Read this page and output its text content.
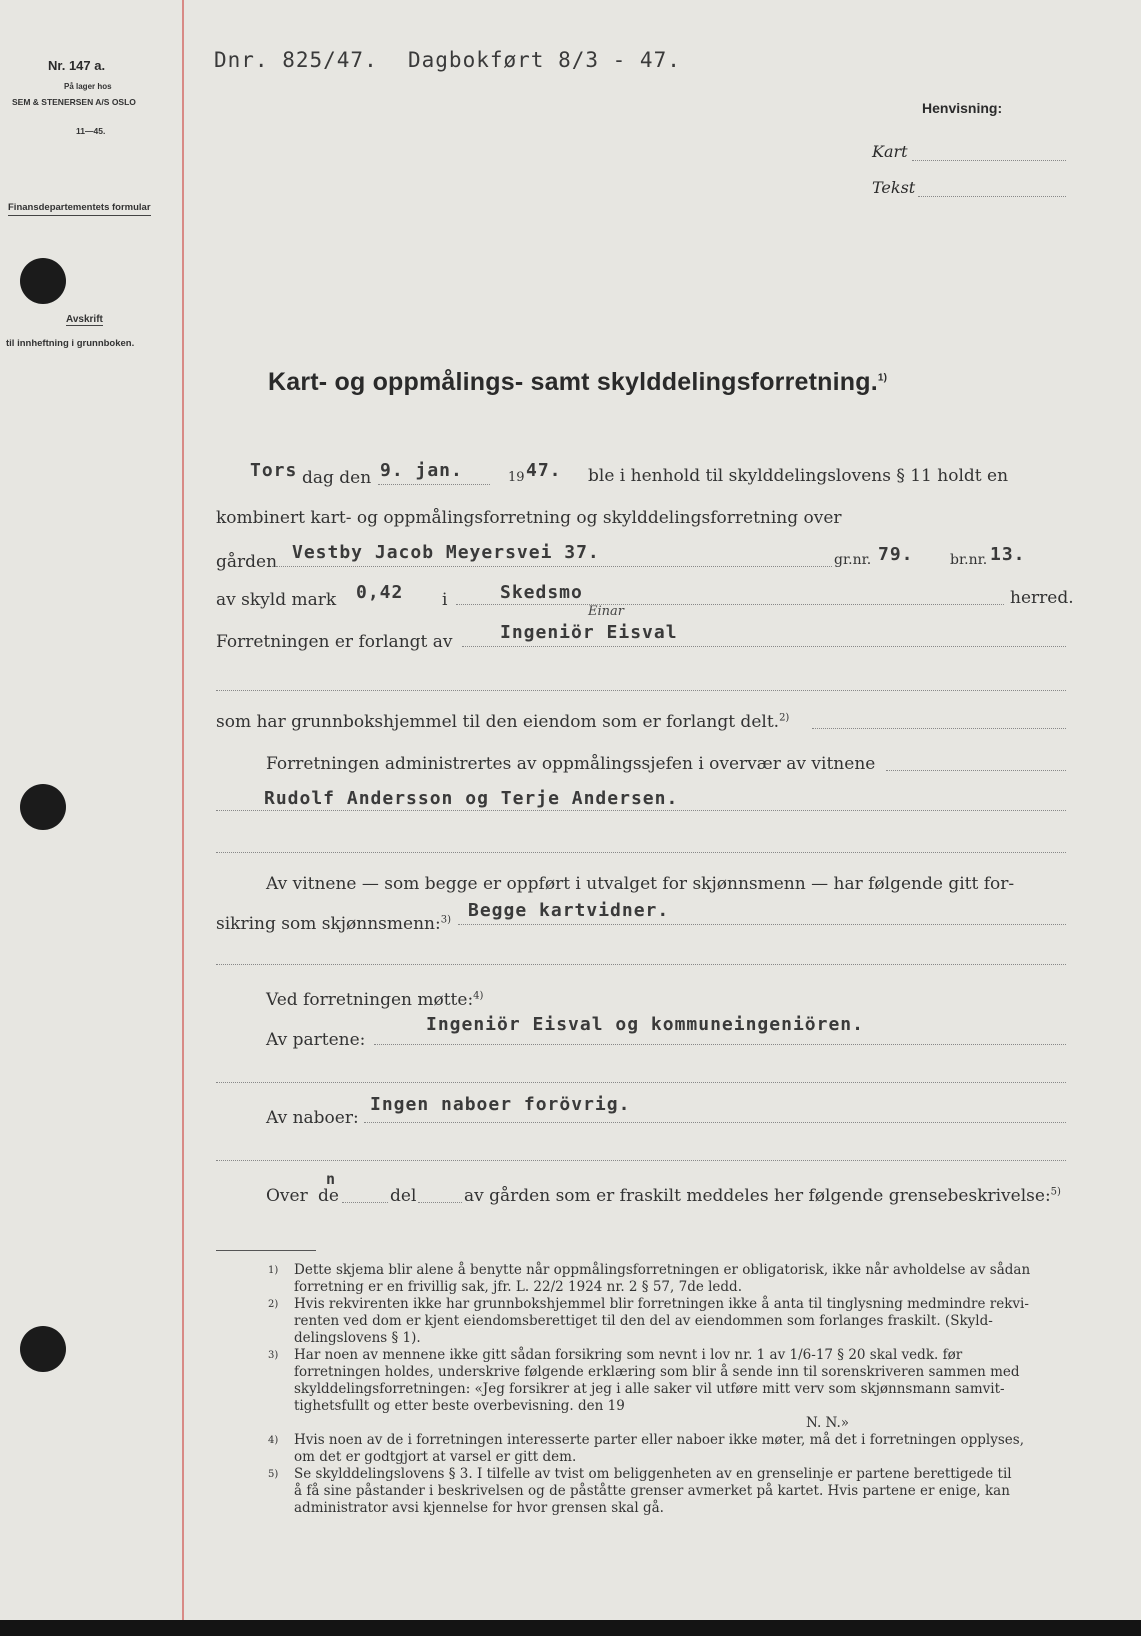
Nr. 147 a.
På lager hos
SEM & STENERSEN A/S OSLO
11—45.
Finansdepartementets formular
Avskrift
til innheftning i grunnboken.
Dnr. 825/47. Dagbokført 8/3 - 47.
Henvisning:
Kart
Tekst
Kart- og oppmålings- samt skylddelingsforretning.$^{1)}$
Tors dag den 9. jan.	19 47. ble i henhold til skylddelingslovens § 11 holdt en
kombinert kart- og oppmålingsforretning og skylddelingsforretning over
gården Vestby Jacob Meyersvei 37.	gr.nr. 79.	br.nr. 13.
av skyld mark 0,42 i	Skedsmo	herred.
Forretningen er forlangt av
Einar
Ingeniör Eisval
som har grunnbokshjemmel til den eiendom som er forlangt delt.$^{2)}$
Forretningen administrertes av oppmålingssjefen i overvær av vitnene
Rudolf Andersson og Terje Andersen.
Av vitnene — som begge er oppført i utvalget for skjønnsmenn — har følgende gitt for-
sikring som skjønnsmenn:$^{3)}$ Begge kartvidner.
Ved forretningen møtte:$^{4)}$
Av partene:
Ingeniör Eisval og kommuneingeniören.
Av naboer:
Ingen naboer forövrig.
Over
n
de	del	av gården som er fraskilt meddeles her følgende grensebeskrivelse:$^{5)}$
1) Dette skjema blir alene å benytte når oppmålingsforretningen er obligatorisk, ikke når avholdelse av sådan
forretning er en frivillig sak, jfr. L. 22/2 1924 nr. 2 § 57, 7de ledd.
2) Hvis rekvirenten ikke har grunnbokshjemmel blir forretningen ikke å anta til tinglysning medmindre rekvi-
renten ved dom er kjent eiendomsberettiget til den del av eiendommen som forlanges fraskilt. (Skyld-
delingslovens § 1).
3) Har noen av mennene ikke gitt sådan forsikring som nevnt i lov nr. 1 av 1/6-17 § 20 skal vedk. før
forretningen holdes, underskrive følgende erklæring som blir å sende inn til sorenskriveren sammen med
skylddelingsforretningen: «Jeg forsikrer at jeg i alle saker vil utføre mitt verv som skjønnsmann samvit-
tighetsfullt og etter beste overbevisning. den 19
N. N.»
4) Hvis noen av de i forretningen interesserte parter eller naboer ikke møter, må det i forretningen opplyses,
om det er godtgjort at varsel er gitt dem.
5) Se skylddelingslovens § 3. I tilfelle av tvist om beliggenheten av en grenselinje er partene berettigede til
å få sine påstander i beskrivelsen og de påståtte grenser avmerket på kartet. Hvis partene er enige, kan
administrator avsi kjennelse for hvor grensen skal gå.
